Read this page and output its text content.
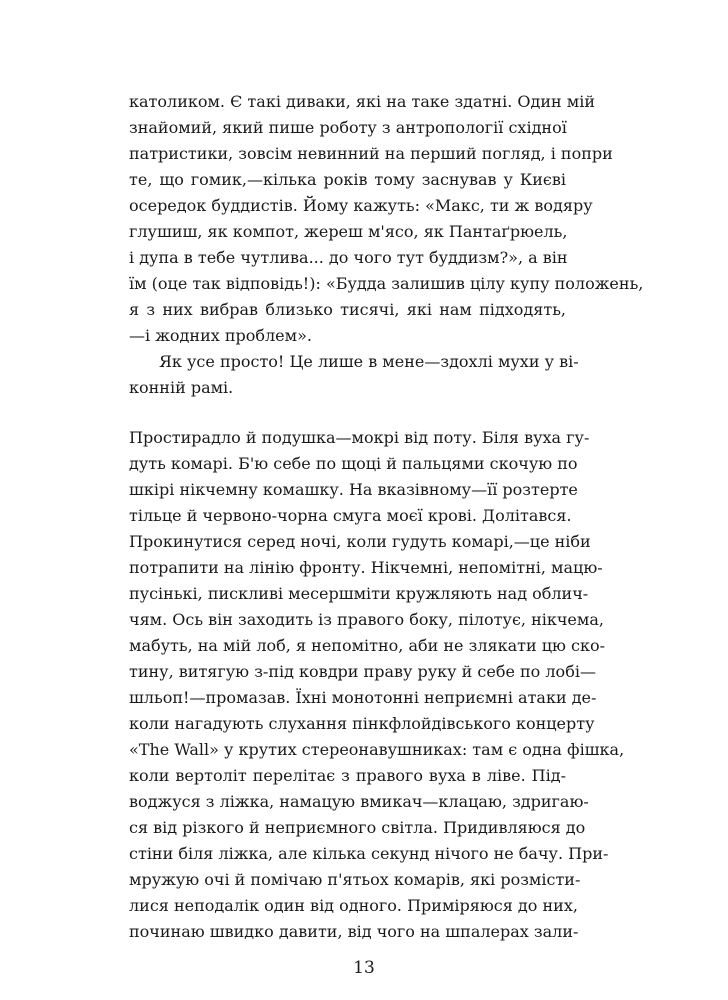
католиком. Є такі диваки, які на таке здатні. Один мій
знайомий, який пише роботу з антропології східної
патристики, зовсім невинний на перший погляд, і попри
те, що гомик,—кілька років тому заснував у Києві
осередок буддистів. Йому кажуть: «Макс, ти ж водяру
глушиш, як компот, жереш м'ясо, як Пантаґрюель,
і дупа в тебе чутлива... до чого тут буддизм?», а він
їм (оце так відповідь!): «Будда залишив цілу купу положень,
я з них вибрав близько тисячі, які нам підходять,
—і жодних проблем».
Як усе просто! Це лише в мене—здохлі мухи у ві-
конній рамі.
Простирадло й подушка—мокрі від поту. Біля вуха гу-
дуть комарі. Б'ю себе по щоці й пальцями скочую по
шкірі нікчемну комашку. На вказівному—її розтерте
тільце й червоно-чорна смуга моєї крові. Долітався.
Прокинутися серед ночі, коли гудуть комарі,—це ніби
потрапити на лінію фронту. Нікчемні, непомітні, мацю-
пусінькі, пискливі месершміти кружляють над облич-
чям. Ось він заходить із правого боку, пілотує, нікчема,
мабуть, на мій лоб, я непомітно, аби не злякати цю ско-
тину, витягую з-під ковдри праву руку й себе по лобі—
шльоп!—промазав. Їхні монотонні неприємні атаки де-
коли нагадують слухання пінкфлойдівського концерту
«The Wall» у крутих стереонавушниках: там є одна фішка,
коли вертоліт перелітає з правого вуха в ліве. Під-
воджуся з ліжка, намацую вмикач—клацаю, здригаю-
ся від різкого й неприємного світла. Придивляюся до
стіни біля ліжка, але кілька секунд нічого не бачу. При-
мружую очі й помічаю п'ятьох комарів, які розмісти-
лися неподалік один від одного. Приміряюся до них,
починаю швидко давити, від чого на шпалерах зали-
13
